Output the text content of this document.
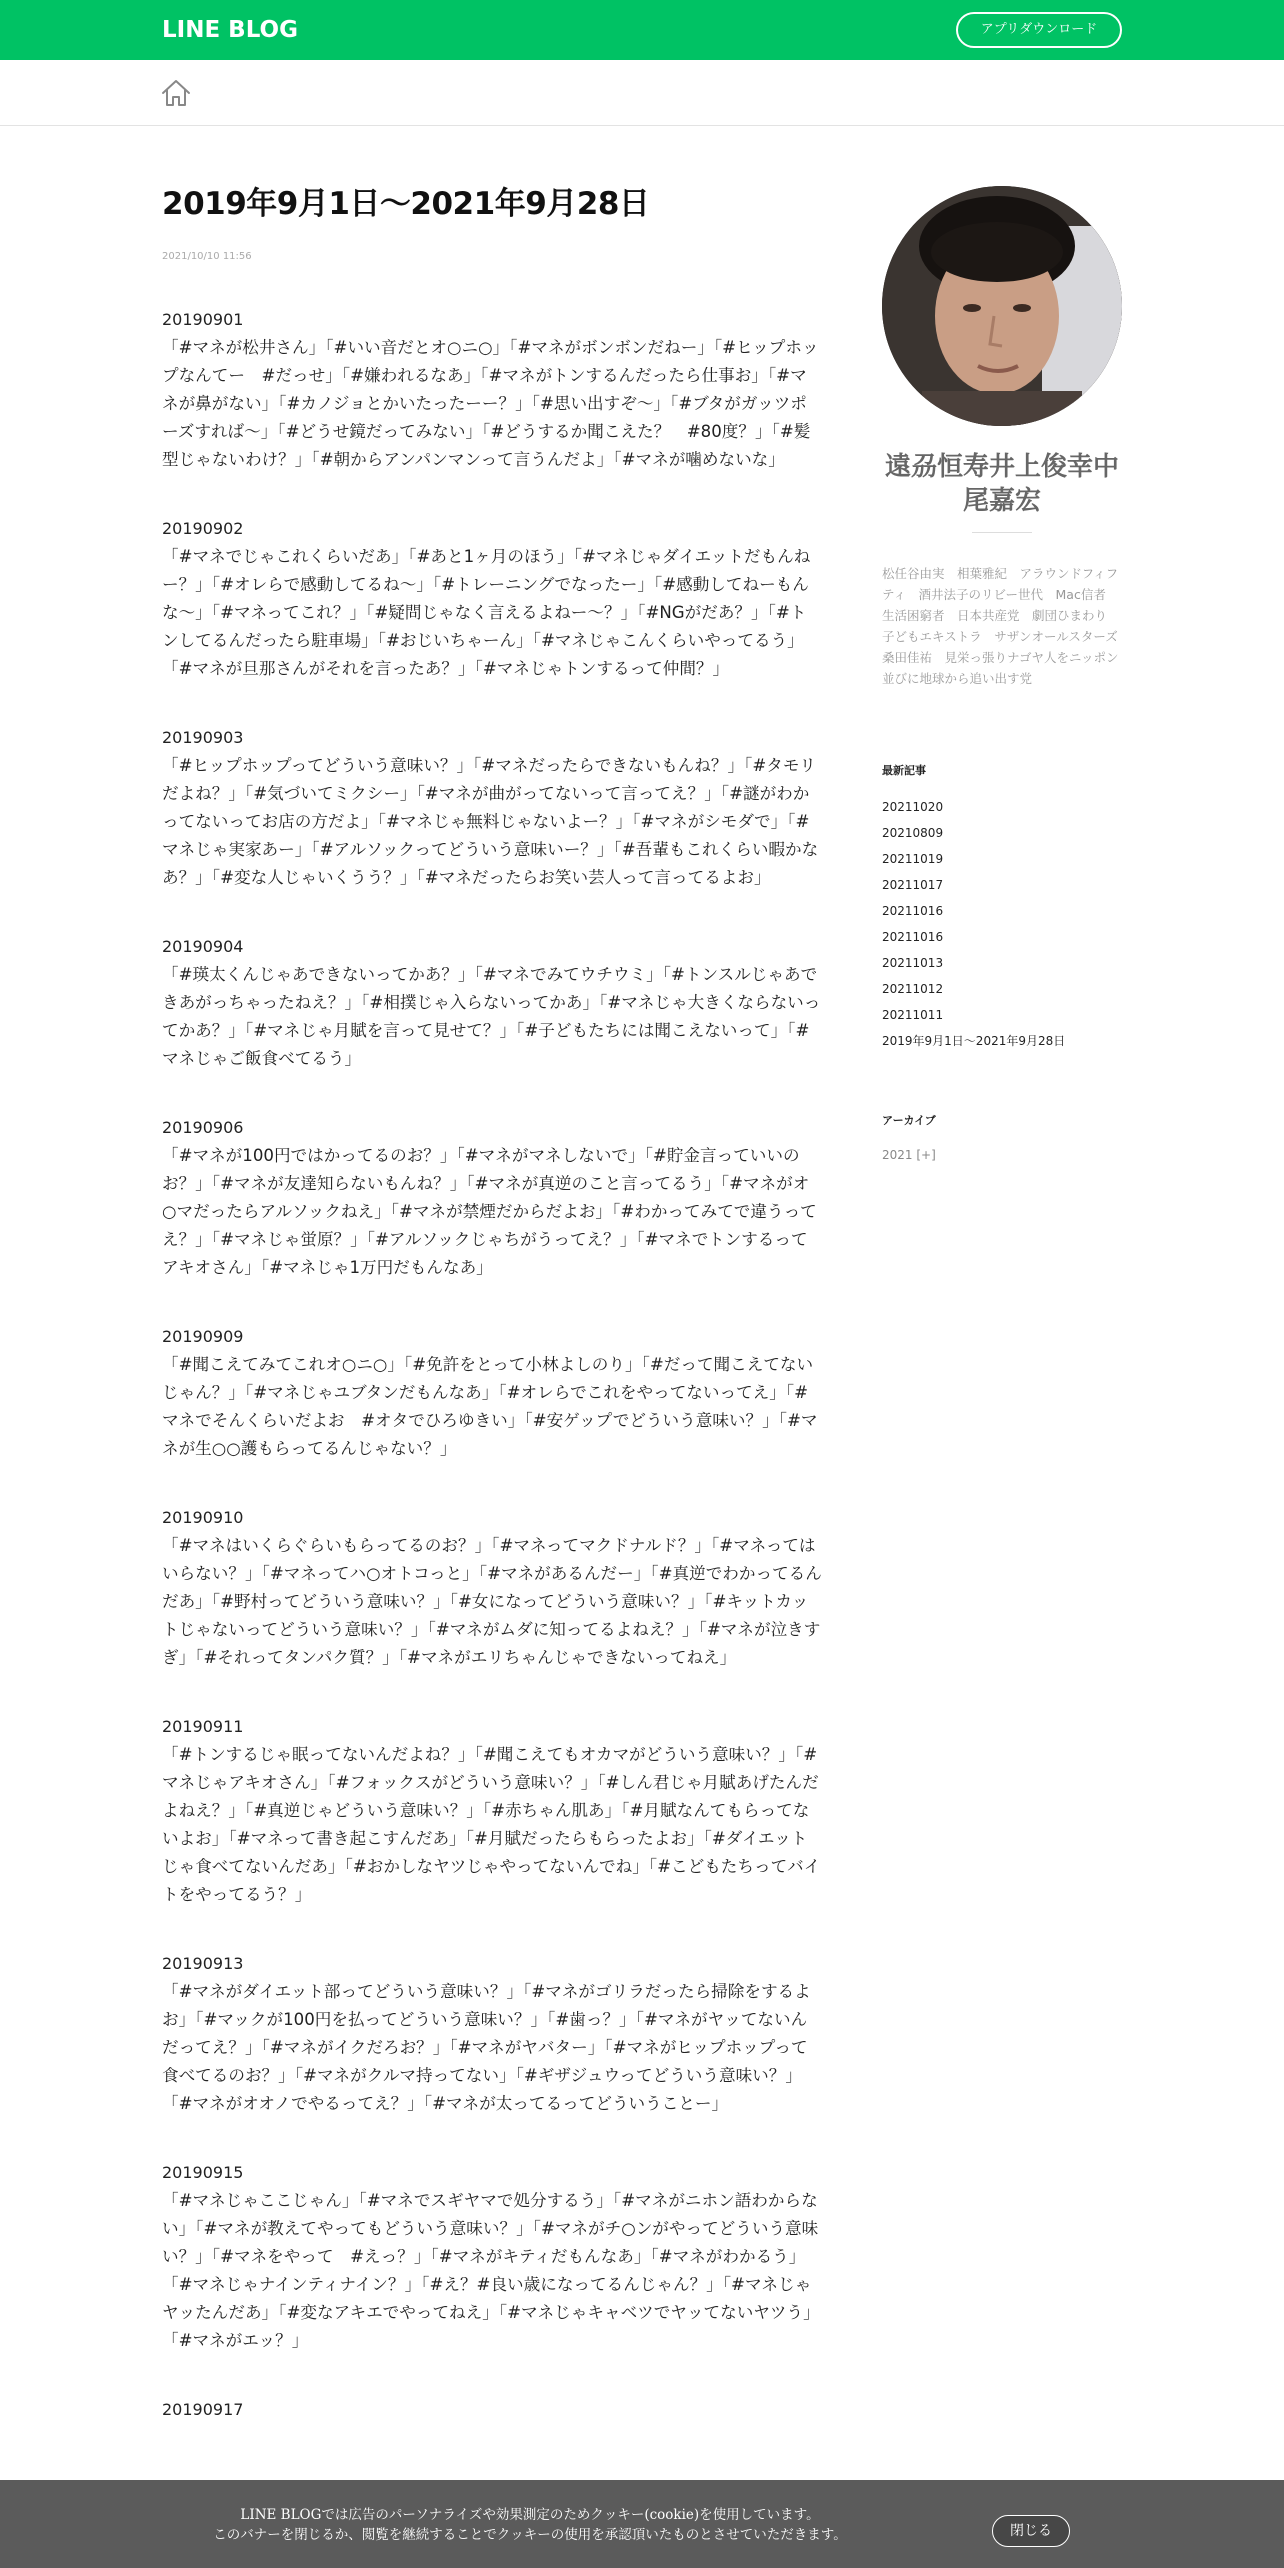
LINE BLOG	アプリダウンロード
2019年9月1日〜2021年9月28日
2021/10/10 11:56
20190901
「#マネが松井さん」「#いい音だとオ○ニ○」「#マネがボンボンだねー」「#ヒップホップなんてー　#だっせ」「#嫌われるなあ」「#マネがトンするんだったら仕事お」「#マネが鼻がない」「#カノジョとかいたったーー？」「#思い出すぞ〜」「#ブタがガッツポーズすれば〜」「#どうせ鏡だってみない」「#どうするか聞こえた？　#80度？」「#髪型じゃないわけ？」「#朝からアンパンマンって言うんだよ」「#マネが噛めないな」
20190902
「#マネでじゃこれくらいだあ」「#あと1ヶ月のほう」「#マネじゃダイエットだもんねー？」「#オレらで感動してるね〜」「#トレーニングでなったー」「#感動してねーもんな〜」「#マネってこれ？」「#疑問じゃなく言えるよねー〜？」「#NGがだあ？」「#トンしてるんだったら駐車場」「#おじいちゃーん」「#マネじゃこんくらいやってるう」「#マネが旦那さんがそれを言ったあ？」「#マネじゃトンするって仲間？」
20190903
「#ヒップホップってどういう意味い？」「#マネだったらできないもんね？」「#タモリだよね？」「#気づいてミクシー」「#マネが曲がってないって言ってえ？」「#謎がわかってないってお店の方だよ」「#マネじゃ無料じゃないよー？」「#マネがシモダで」「#マネじゃ実家あー」「#アルソックってどういう意味いー？」「#吾輩もこれくらい暇かなあ？」「#変な人じゃいくうう？」「#マネだったらお笑い芸人って言ってるよお」
20190904
「#瑛太くんじゃあできないってかあ？」「#マネでみてウチウミ」「#トンスルじゃあできあがっちゃったねえ？」「#相撲じゃ入らないってかあ」「#マネじゃ大きくならないってかあ？」「#マネじゃ月賦を言って見せて？」「#子どもたちには聞こえないって」「#マネじゃご飯食べてるう」
20190906
「#マネが100円ではかってるのお？」「#マネがマネしないで」「#貯金言っていいのお？」「#マネが友達知らないもんね？」「#マネが真逆のこと言ってるう」「#マネがオ○マだったらアルソックねえ」「#マネが禁煙だからだよお」「#わかってみてで違うってえ？」「#マネじゃ蛍原？」「#アルソックじゃちがうってえ？」「#マネでトンするってアキオさん」「#マネじゃ1万円だもんなあ」
20190909
「#聞こえてみてこれオ○ニ○」「#免許をとって小林よしのり」「#だって聞こえてないじゃん？」「#マネじゃユブタンだもんなあ」「#オレらでこれをやってないってえ」「#マネでそんくらいだよお　#オタでひろゆきい」「#安ゲップでどういう意味い？」「#マネが生○○護もらってるんじゃない？」
20190910
「#マネはいくらぐらいもらってるのお？」「#マネってマクドナルド？」「#マネってはいらない？」「#マネってハ○オトコっと」「#マネがあるんだー」「#真逆でわかってるんだあ」「#野村ってどういう意味い？」「#女になってどういう意味い？」「#キットカットじゃないってどういう意味い？」「#マネがムダに知ってるよねえ？」「#マネが泣きすぎ」「#それってタンパク質？」「#マネがエリちゃんじゃできないってねえ」
20190911
「#トンするじゃ眠ってないんだよね？」「#聞こえてもオカマがどういう意味い？」「#マネじゃアキオさん」「#フォックスがどういう意味い？」「#しん君じゃ月賦あげたんだよねえ？」「#真逆じゃどういう意味い？」「#赤ちゃん肌あ」「#月賦なんてもらってないよお」「#マネって書き起こすんだあ」「#月賦だったらもらったよお」「#ダイエットじゃ食べてないんだあ」「#おかしなヤツじゃやってないんでね」「#こどもたちってバイトをやってるう？」
20190913
「#マネがダイエット部ってどういう意味い？」「#マネがゴリラだったら掃除をするよお」「#マックが100円を払ってどういう意味い？」「#歯っ？」「#マネがヤッてないんだってえ？」「#マネがイクだろお？」「#マネがヤバター」「#マネがヒップホップって食べてるのお？」「#マネがクルマ持ってない」「#ギザジュウってどういう意味い？」「#マネがオオノでやるってえ？」「#マネが太ってるってどういうことー」
20190915
「#マネじゃここじゃん」「#マネでスギヤマで処分するう」「#マネがニホン語わからない」「#マネが教えてやってもどういう意味い？」「#マネがチ○ンがやってどういう意味い？」「#マネをやって　#えっ？」「#マネがキティだもんなあ」「#マネがわかるう」「#マネじゃナインティナイン？」「#え？#良い歳になってるんじゃん？」「#マネじゃヤッたんだあ」「#変なアキエでやってねえ」「#マネじゃキャベツでヤッてないヤツう」「#マネがエッ？」
20190917
遠刕恒寿井上俊幸中尾嘉宏
松任谷由実　相葉雅紀　アラウンドフィフティ　酒井法子のリビー世代　Mac信者　生活困窮者　日本共産党　劇団ひまわり　子どもエキストラ　サザンオールスターズ　桑田佳祐　見栄っ張りナゴヤ人をニッポン並びに地球から追い出す党
最新記事
20211020
20210809
20211019
20211017
20211016
20211016
20211013
20211012
20211011
2019年9月1日〜2021年9月28日
アーカイブ
2021 [+]
LINE BLOGでは広告のパーソナライズや効果測定のためクッキー(cookie)を使用しています。
このバナーを閉じるか、閲覧を継続することでクッキーの使用を承認頂いたものとさせていただきます。	閉じる
